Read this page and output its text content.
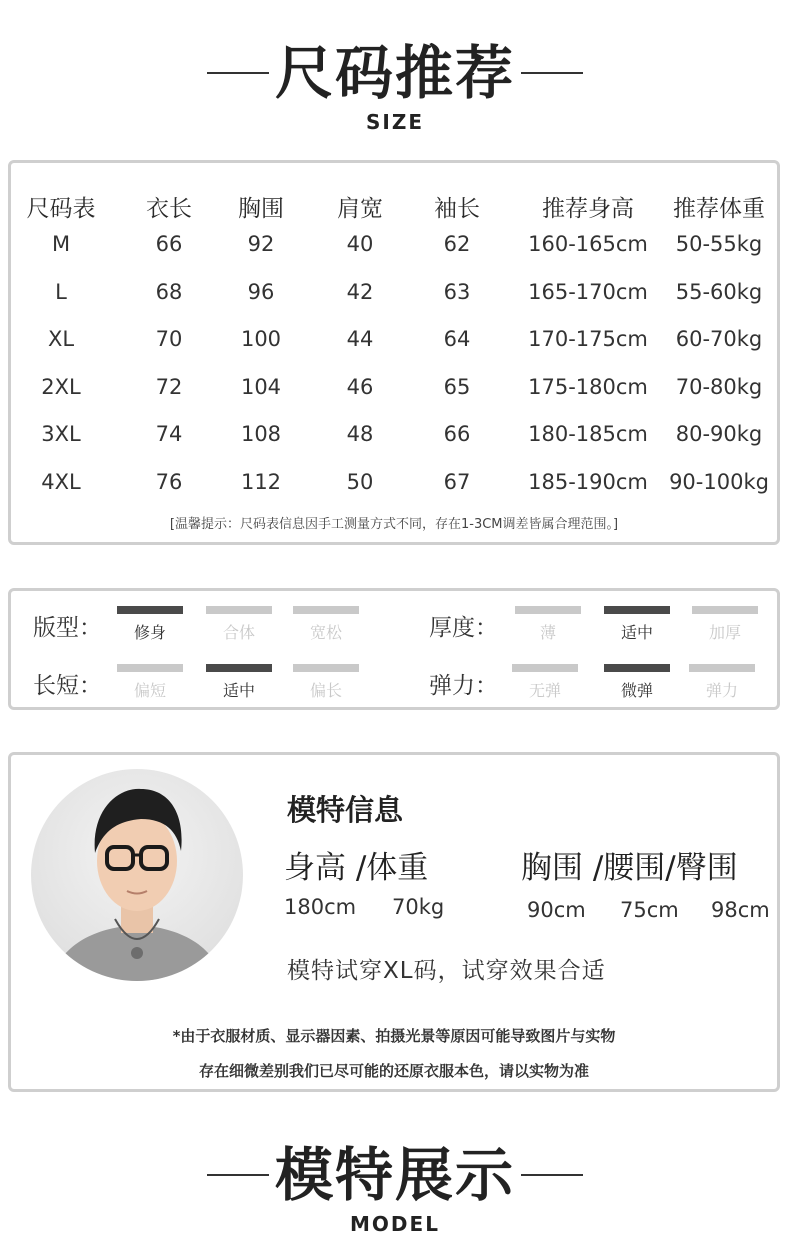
尺码推荐
SIZE
尺码表 衣长 胸围 肩宽 袖长	推荐身高 推荐体重
M	66	92	40	62	160-165cm 50-55kg
L	68	96	42	63	165-170cm 55-60kg
XL	70	100	44	64	170-175cm 60-70kg
2XL	72	104	46	65	175-180cm 70-80kg
3XL	74	108	48	66	180-185cm 80-90kg
4XL	76	112	50	67	185-190cm 90-100kg
[温馨提示：尺码表信息因手工测量方式不同，存在1-3CM调差皆属合理范围。]
版型：	修身	合体	宽松	厚度：	薄	适中	加厚
长短：	偏短	适中	偏长	弹力：	无弹	微弹	弹力
模特信息
身高 /体重	胸围 /腰围/臀围
180cm 70kg	90cm 75cm 98cm
模特试穿XL码，试穿效果合适
*由于衣服材质、显示器因素、拍摄光景等原因可能导致图片与实物
存在细微差别我们已尽可能的还原衣服本色，请以实物为准
模特展示
MODEL
